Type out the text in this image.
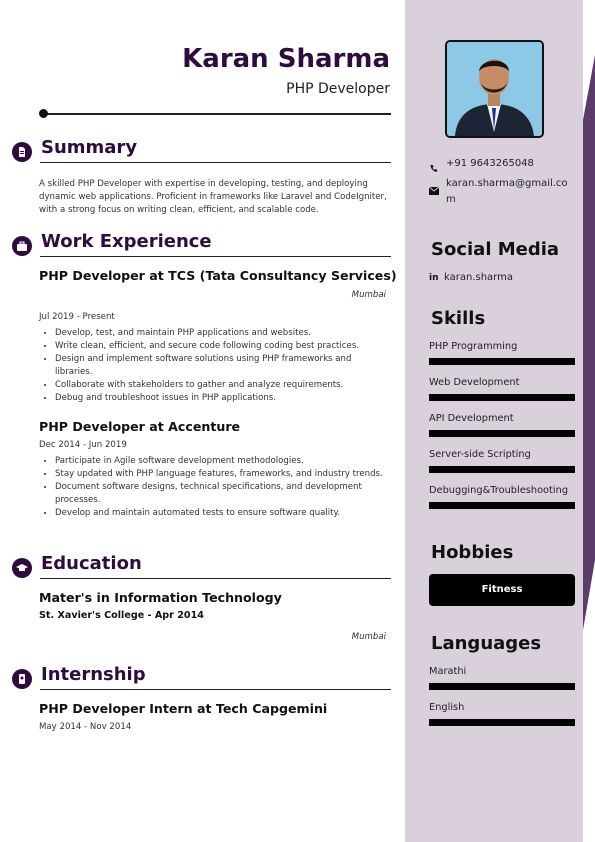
Karan Sharma
PHP Developer
Summary
A skilled PHP Developer with expertise in developing, testing, and deploying dynamic web applications. Proficient in frameworks like Laravel and CodeIgniter, with a strong focus on writing clean, efficient, and scalable code.
Work Experience
PHP Developer at TCS (Tata Consultancy Services)
Mumbai
Jul 2019 - Present
• Develop, test, and maintain PHP applications and websites.
• Write clean, efficient, and secure code following coding best practices.
• Design and implement software solutions using PHP frameworks and libraries.
• Collaborate with stakeholders to gather and analyze requirements.
• Debug and troubleshoot issues in PHP applications.
PHP Developer at Accenture
Dec 2014 - Jun 2019
• Participate in Agile software development methodologies.
• Stay updated with PHP language features, frameworks, and industry trends.
• Document software designs, technical specifications, and development processes.
• Develop and maintain automated tests to ensure software quality.
Education
Mater's in Information Technology
St. Xavier's College - Apr 2014
Mumbai
Internship
PHP Developer Intern at Tech Capgemini
May 2014 - Nov 2014
+91 9643265048
karan.sharma@gmail.com
Social Media
in karan.sharma
Skills
PHP Programming
Web Development
API Development
Server-side Scripting
Debugging&Troubleshooting
Hobbies
Fitness
Languages
Marathi
English
